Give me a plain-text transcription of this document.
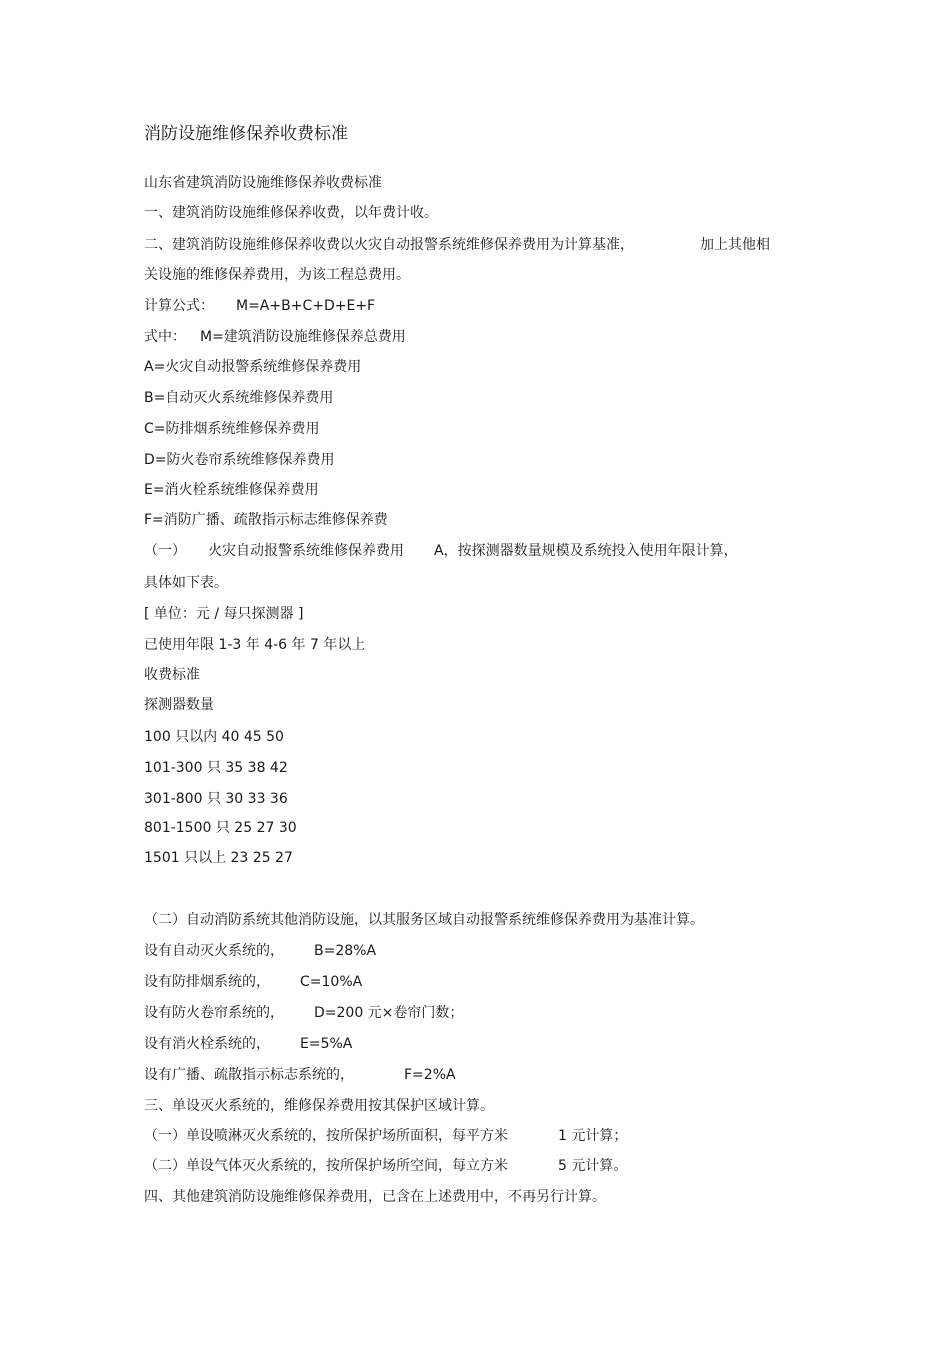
消防设施维修保养收费标准
山东省建筑消防设施维修保养收费标准
一、建筑消防设施维修保养收费，以年费计收。
二、建筑消防设施维修保养收费以火灾自动报警系统维修保养费用为计算基准，	加上其他相
关设施的维修保养费用，为该工程总费用。
计算公式： M=A+B+C+D+E+F
式中： M=建筑消防设施维修保养总费用
A=火灾自动报警系统维修保养费用
B=自动灭火系统维修保养费用
C=防排烟系统维修保养费用
D=防火卷帘系统维修保养费用
E=消火栓系统维修保养费用
F=消防广播、疏散指示标志维修保养费
（一） 火灾自动报警系统维修保养费用 A，按探测器数量规模及系统投入使用年限计算，
具体如下表。
[ 单位：元 / 每只探测器 ]
已使用年限 1-3 年 4-6 年 7 年以上
收费标准
探测器数量
100 只以内 40 45 50
101-300 只 35 38 42
301-800 只 30 33 36
801-1500 只 25 27 30
1501 只以上 23 25 27
（二）自动消防系统其他消防设施，以其服务区域自动报警系统维修保养费用为基准计算。
设有自动灭火系统的， B=28%A
设有防排烟系统的， C=10%A
设有防火卷帘系统的， D=200 元×卷帘门数；
设有消火栓系统的， E=5%A
设有广播、疏散指示标志系统的，	F=2%A
三、单设灭火系统的，维修保养费用按其保护区域计算。
（一）单设喷淋灭火系统的，按所保护场所面积，每平方米	1 元计算；
（二）单设气体灭火系统的，按所保护场所空间，每立方米	5 元计算。
四、其他建筑消防设施维修保养费用，已含在上述费用中，不再另行计算。
